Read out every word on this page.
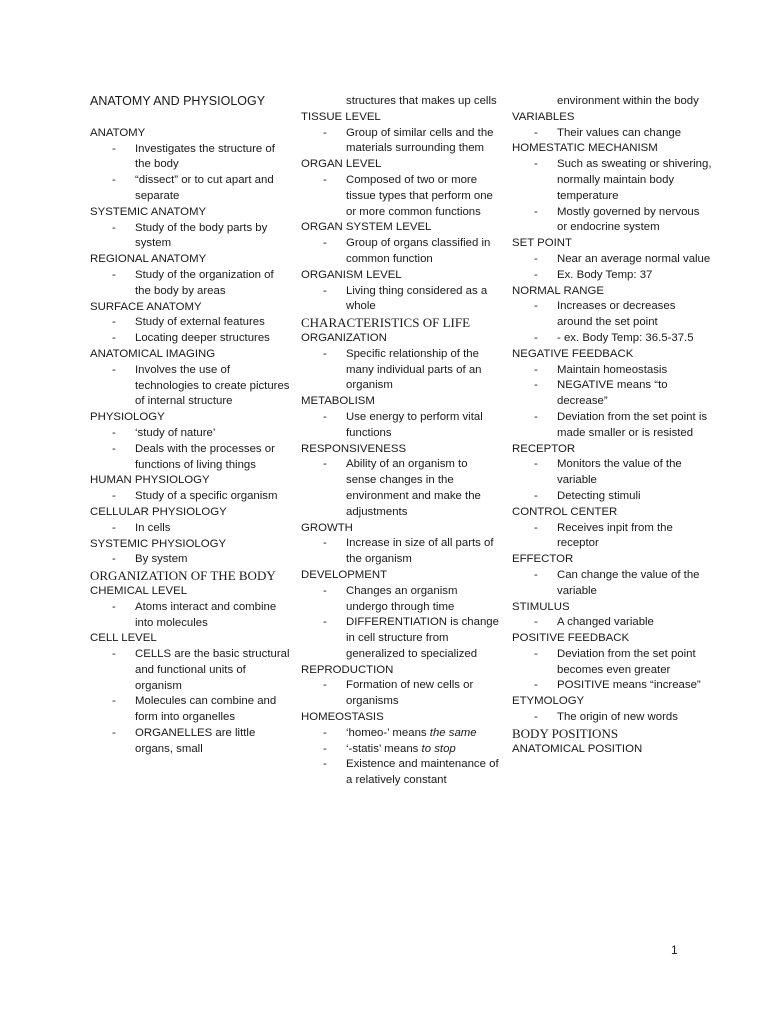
ANATOMY AND PHYSIOLOGY
ANATOMY
- Investigates the structure of the body
- “dissect” or to cut apart and separate
SYSTEMIC ANATOMY
- Study of the body parts by system
REGIONAL ANATOMY
- Study of the organization of the body by areas
SURFACE ANATOMY
- Study of external features
- Locating deeper structures
ANATOMICAL IMAGING
- Involves the use of technologies to create pictures of internal structure
PHYSIOLOGY
- ‘study of nature’
- Deals with the processes or functions of living things
HUMAN PHYSIOLOGY
- Study of a specific organism
CELLULAR PHYSIOLOGY
- In cells
SYSTEMIC PHYSIOLOGY
- By system
ORGANIZATION OF THE BODY
CHEMICAL LEVEL
- Atoms interact and combine into molecules
CELL LEVEL
- CELLS are the basic structural and functional units of organism
- Molecules can combine and form into organelles
- ORGANELLES are little organs, small
structures that makes up cells
TISSUE LEVEL
- Group of similar cells and the materials surrounding them
ORGAN LEVEL
- Composed of two or more tissue types that perform one or more common functions
ORGAN SYSTEM LEVEL
- Group of organs classified in common function
ORGANISM LEVEL
- Living thing considered as a whole
CHARACTERISTICS OF LIFE
ORGANIZATION
- Specific relationship of the many individual parts of an organism
METABOLISM
- Use energy to perform vital functions
RESPONSIVENESS
- Ability of an organism to sense changes in the environment and make the adjustments
GROWTH
- Increase in size of all parts of the organism
DEVELOPMENT
- Changes an organism undergo through time
- DIFFERENTIATION is change in cell structure from generalized to specialized
REPRODUCTION
- Formation of new cells or organisms
HOMEOSTASIS
- ‘homeo-’ means the same
- ‘-statis’ means to stop
- Existence and maintenance of a relatively constant
environment within the body
VARIABLES
- Their values can change
HOMESTATIC MECHANISM
- Such as sweating or shivering, normally maintain body temperature
- Mostly governed by nervous or endocrine system
SET POINT
- Near an average normal value
- Ex. Body Temp: 37
NORMAL RANGE
- Increases or decreases around the set point
- - ex. Body Temp: 36.5-37.5
NEGATIVE FEEDBACK
- Maintain homeostasis
- NEGATIVE means “to decrease”
- Deviation from the set point is made smaller or is resisted
RECEPTOR
- Monitors the value of the variable
- Detecting stimuli
CONTROL CENTER
- Receives inpit from the receptor
EFFECTOR
- Can change the value of the variable
STIMULUS
- A changed variable
POSITIVE FEEDBACK
- Deviation from the set point becomes even greater
- POSITIVE means “increase”
ETYMOLOGY
- The origin of new words
BODY POSITIONS
ANATOMICAL POSITION
1
